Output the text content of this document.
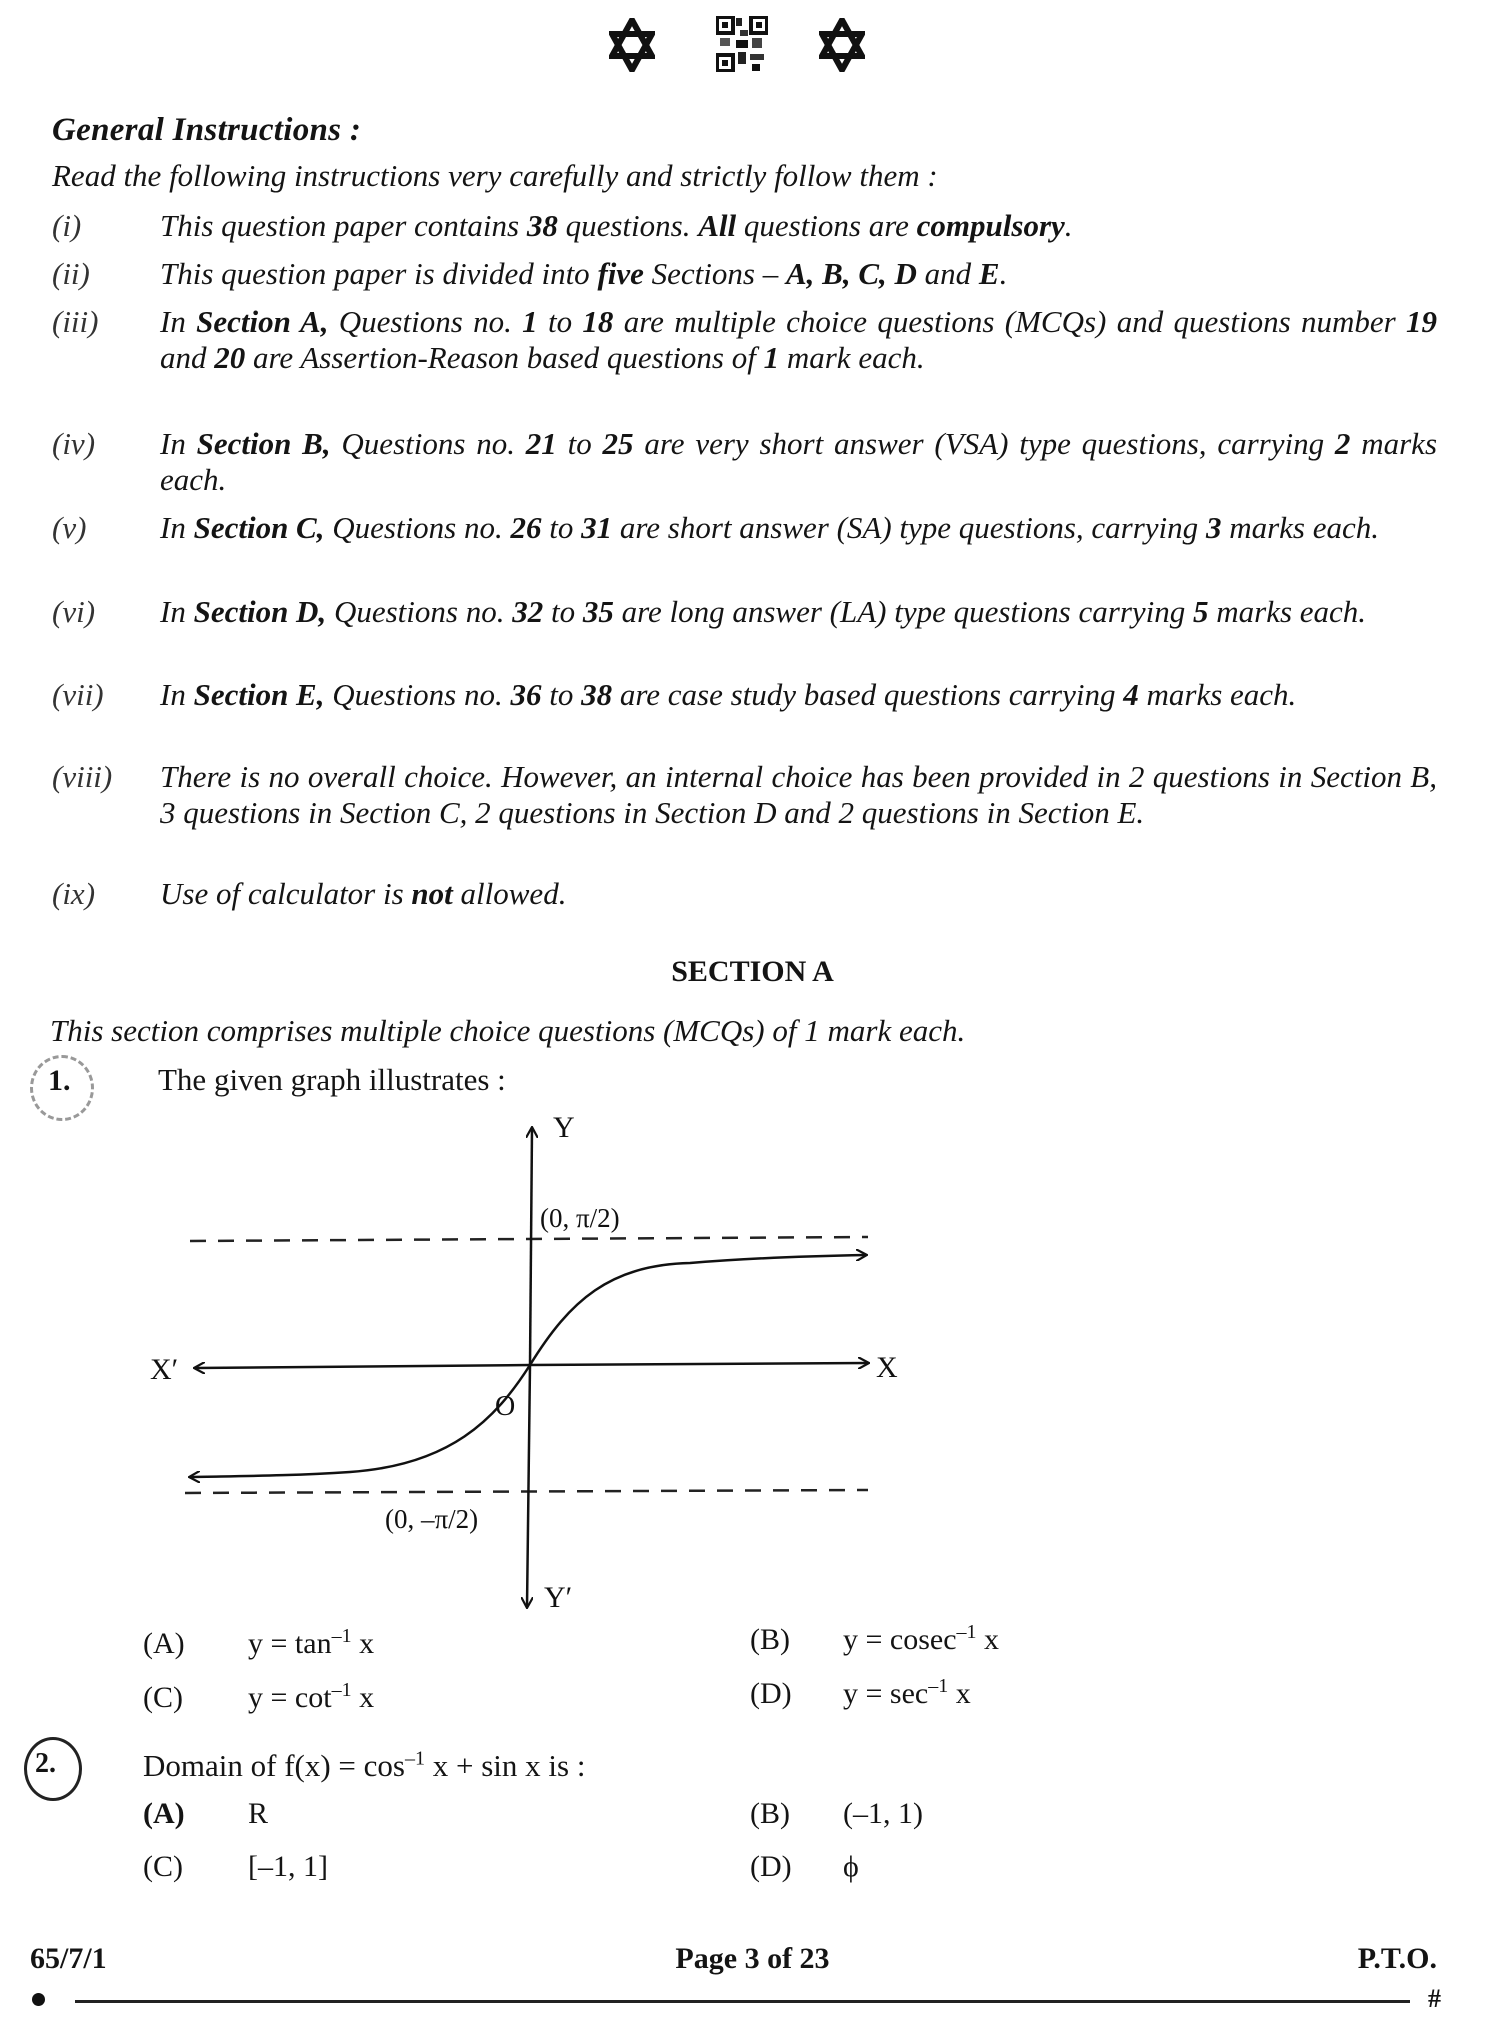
General Instructions :
Read the following instructions very carefully and strictly follow them :
(i)	This question paper contains 38 questions. All questions are compulsory.
(ii)	This question paper is divided into five Sections – A, B, C, D and E.
(iii)	In Section A, Questions no. 1 to 18 are multiple choice questions (MCQs) and questions number 19 and 20 are Assertion-Reason based questions of 1 mark each.
(iv)	In Section B, Questions no. 21 to 25 are very short answer (VSA) type questions, carrying 2 marks each.
(v)	In Section C, Questions no. 26 to 31 are short answer (SA) type questions, carrying 3 marks each.
(vi)	In Section D, Questions no. 32 to 35 are long answer (LA) type questions carrying 5 marks each.
(vii)	In Section E, Questions no. 36 to 38 are case study based questions carrying 4 marks each.
(viii)	There is no overall choice. However, an internal choice has been provided in 2 questions in Section B, 3 questions in Section C, 2 questions in Section D and 2 questions in Section E.
(ix)	Use of calculator is not allowed.
SECTION A
This section comprises multiple choice questions (MCQs) of 1 mark each.
1.	The given graph illustrates :
Y
Y′
X
X′
O
(0, π/2)
(0, –π/2)
(A) $y = \tan^{-1} x$	(B) y = cosec$^{-1}$ x
(C) $y = \cot^{-1} x$	(D) $y = \sec^{-1} x$
2.	Domain of $f(x) = \cos^{-1} x + \sin x$ is :
(A) R	(B) (–1, 1)
(C) [–1, 1]	(D) ϕ
65/7/1	Page 3 of 23	P.T.O.
#
